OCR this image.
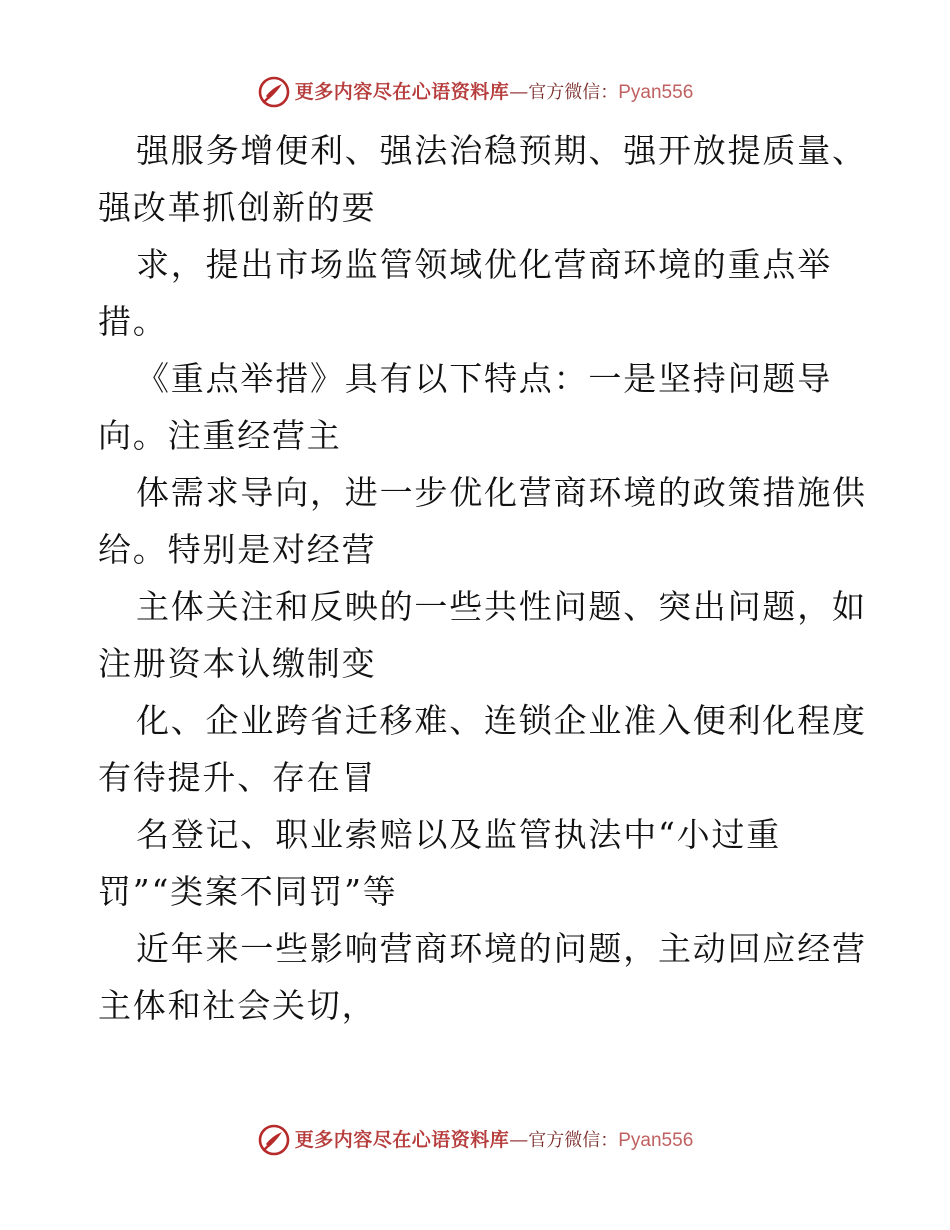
更多内容尽在心语资料库—官方微信：Pyan556
强服务增便利、强法治稳预期、强开放提质量、
强改革抓创新的要
求，提出市场监管领域优化营商环境的重点举
措。
《重点举措》具有以下特点：一是坚持问题导
向。注重经营主
体需求导向，进一步优化营商环境的政策措施供
给。特别是对经营
主体关注和反映的一些共性问题、突出问题，如
注册资本认缴制变
化、企业跨省迁移难、连锁企业准入便利化程度
有待提升、存在冒
名登记、职业索赔以及监管执法中“小过重
罚”“类案不同罚”等
近年来一些影响营商环境的问题，主动回应经营
主体和社会关切，
更多内容尽在心语资料库—官方微信：Pyan556
